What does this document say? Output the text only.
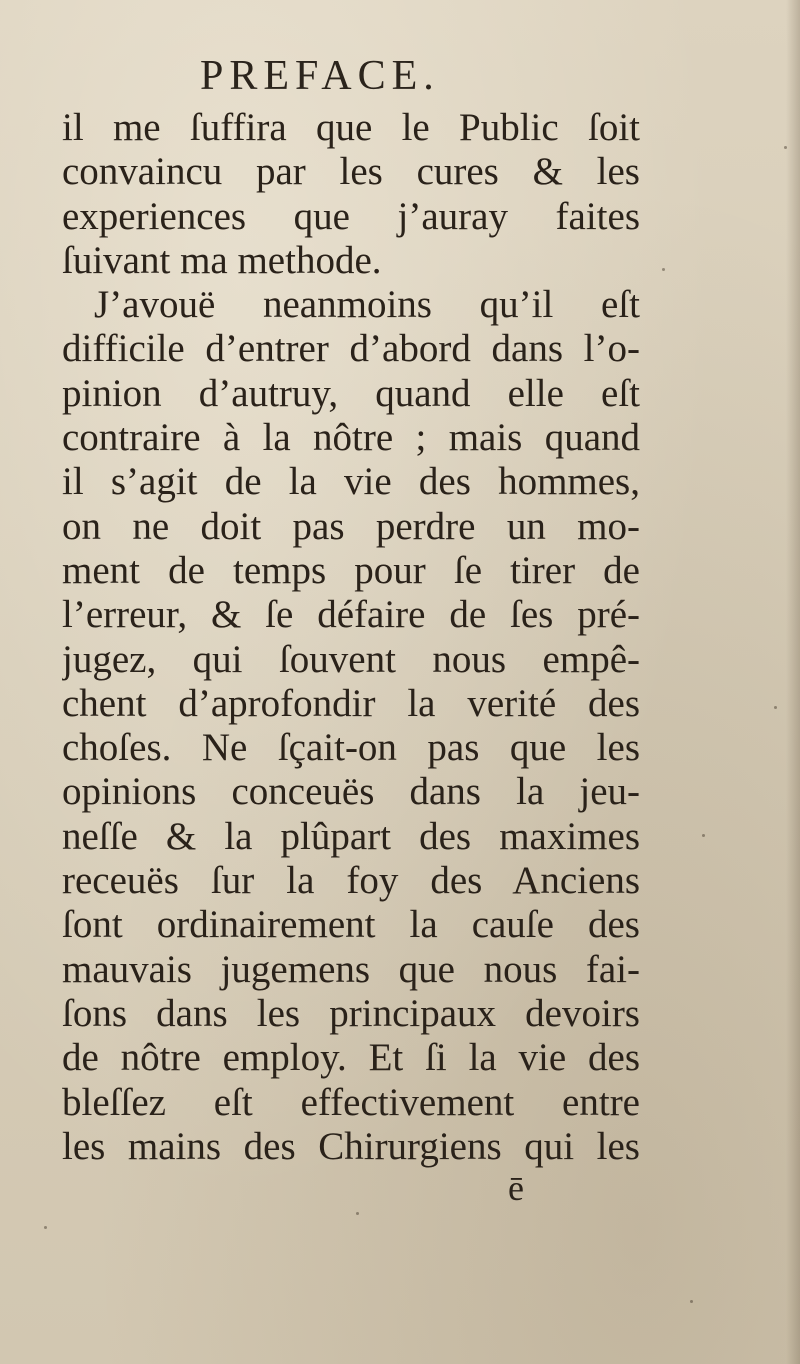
PREFACE.
il me ſuffira que le Public ſoit
convaincu par les cures & les
experiences que j’auray faites
ſuivant ma methode.
J’avouë neanmoins qu’il eſt
difficile d’entrer d’abord dans l’o-
pinion d’autruy, quand elle eſt
contraire à la nôtre ; mais quand
il s’agit de la vie des hommes,
on ne doit pas perdre un mo-
ment de temps pour ſe tirer de
l’erreur, & ſe défaire de ſes pré-
jugez, qui ſouvent nous empê-
chent d’aprofondir la verité des
choſes. Ne ſçait-on pas que les
opinions conceuës dans la jeu-
neſſe & la plûpart des maximes
receuës ſur la foy des Anciens
ſont ordinairement la cauſe des
mauvais jugemens que nous fai-
ſons dans les principaux devoirs
de nôtre employ. Et ſi la vie des
bleſſez eſt effectivement entre
les mains des Chirurgiens qui les
ē
